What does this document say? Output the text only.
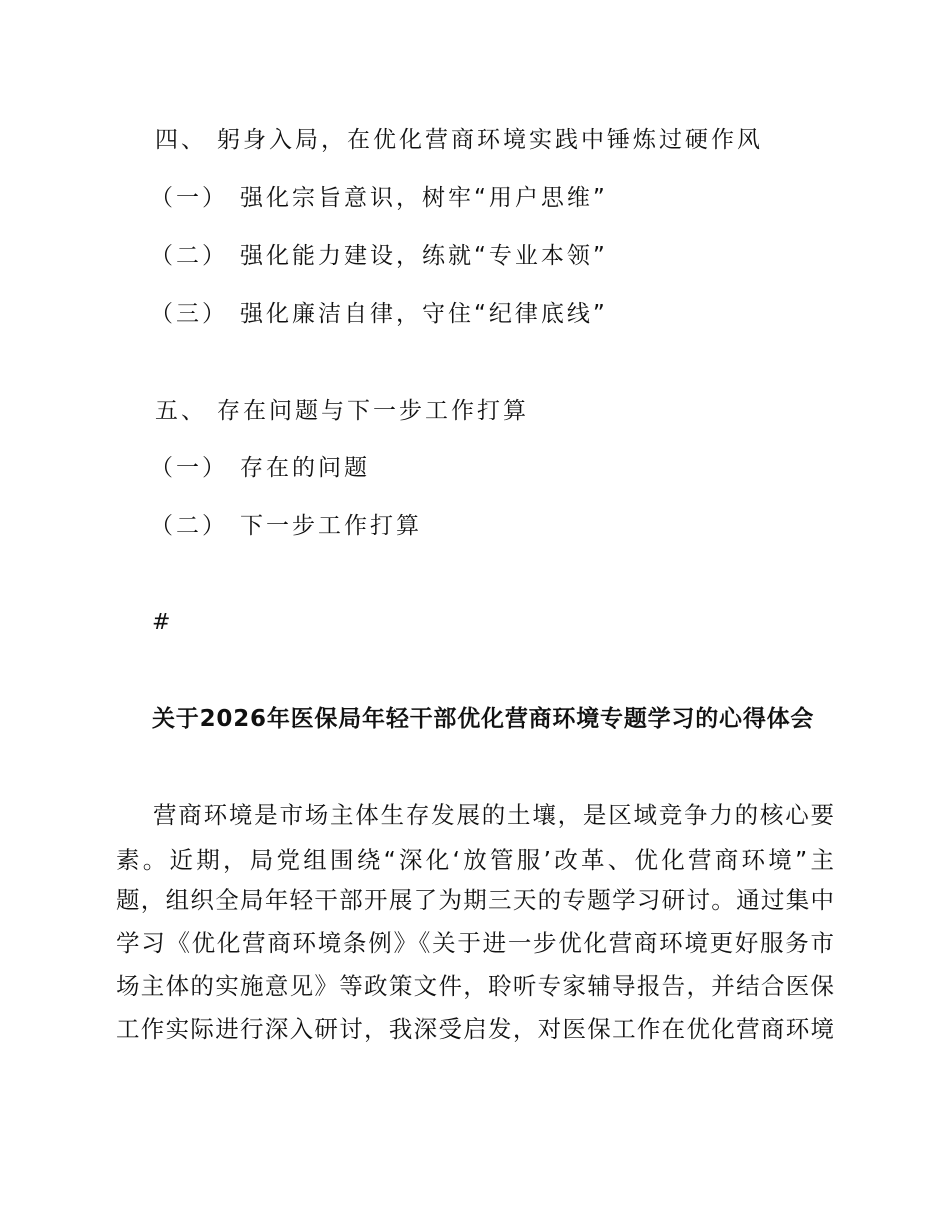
四、 躬身入局，在优化营商环境实践中锤炼过硬作风
（一） 强化宗旨意识，树牢“用户思维”
（二） 强化能力建设，练就“专业本领”
（三） 强化廉洁自律，守住“纪律底线”
五、 存在问题与下一步工作打算
（一） 存在的问题
（二） 下一步工作打算
#
关于2026年医保局年轻干部优化营商环境专题学习的心得体会
营商环境是市场主体生存发展的土壤，是区域竞争力的核心要
素。近期，局党组围绕“深化‘放管服’改革、优化营商环境”主
题，组织全局年轻干部开展了为期三天的专题学习研讨。通过集中
学习《优化营商环境条例》《关于进一步优化营商环境更好服务市
场主体的实施意见》等政策文件，聆听专家辅导报告，并结合医保
工作实际进行深入研讨，我深受启发，对医保工作在优化营商环境
